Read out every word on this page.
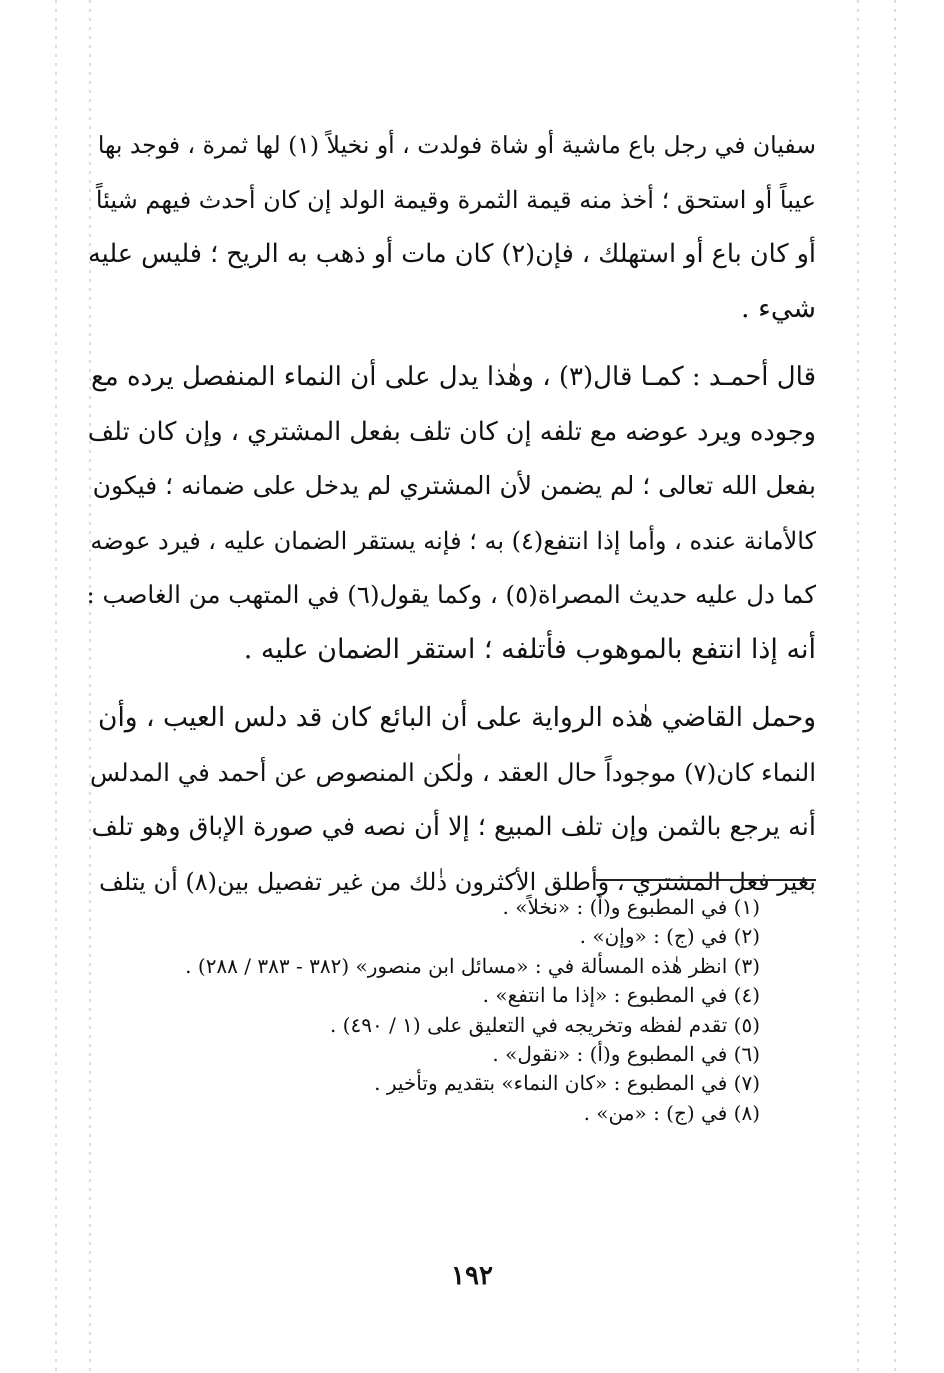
سفيان في رجل باع ماشية أو شاة فولدت ، أو نخيلاً (١) لها ثمرة ، فوجد بها
عيباً أو استحق ؛ أخذ منه قيمة الثمرة وقيمة الولد إن كان أحدث فيهم شيئاً
أو كان باع أو استهلك ، فإن(٢) كان مات أو ذهب به الريح ؛ فليس عليه
شيء .
قال أحمـد : كمـا قال(٣) ، وهٰذا يدل على أن النماء المنفصل يرده مع
وجوده ويرد عوضه مع تلفه إن كان تلف بفعل المشتري ، وإن كان تلف
بفعل الله تعالى ؛ لم يضمن لأن المشتري لم يدخل على ضمانه ؛ فيكون
كالأمانة عنده ، وأما إذا انتفع(٤) به ؛ فإنه يستقر الضمان عليه ، فيرد عوضه
كما دل عليه حديث المصراة(٥) ، وكما يقول(٦) في المتهب من الغاصب :
أنه إذا انتفع بالموهوب فأتلفه ؛ استقر الضمان عليه .
وحمل القاضي هٰذه الرواية على أن البائع كان قد دلس العيب ، وأن
النماء كان(٧) موجوداً حال العقد ، ولٰكن المنصوص عن أحمد في المدلس
أنه يرجع بالثمن وإن تلف المبيع ؛ إلا أن نصه في صورة الإباق وهو تلف
بغير فعل المشتري ، وأطلق الأكثرون ذٰلك من غير تفصيل بين(٨) أن يتلف
(١) في المطبوع و(أ) : «نخلاً» .
(٢) في (ج) : «وإن» .
(٣) انظر هٰذه المسألة في : «مسائل ابن منصور» (٣٨٢ - ٣٨٣ / ٢٨٨) .
(٤) في المطبوع : «إذا ما انتفع» .
(٥) تقدم لفظه وتخريجه في التعليق على (١ / ٤٩٠) .
(٦) في المطبوع و(أ) : «نقول» .
(٧) في المطبوع : «كان النماء» بتقديم وتأخير .
(٨) في (ج) : «من» .
١٩٢
